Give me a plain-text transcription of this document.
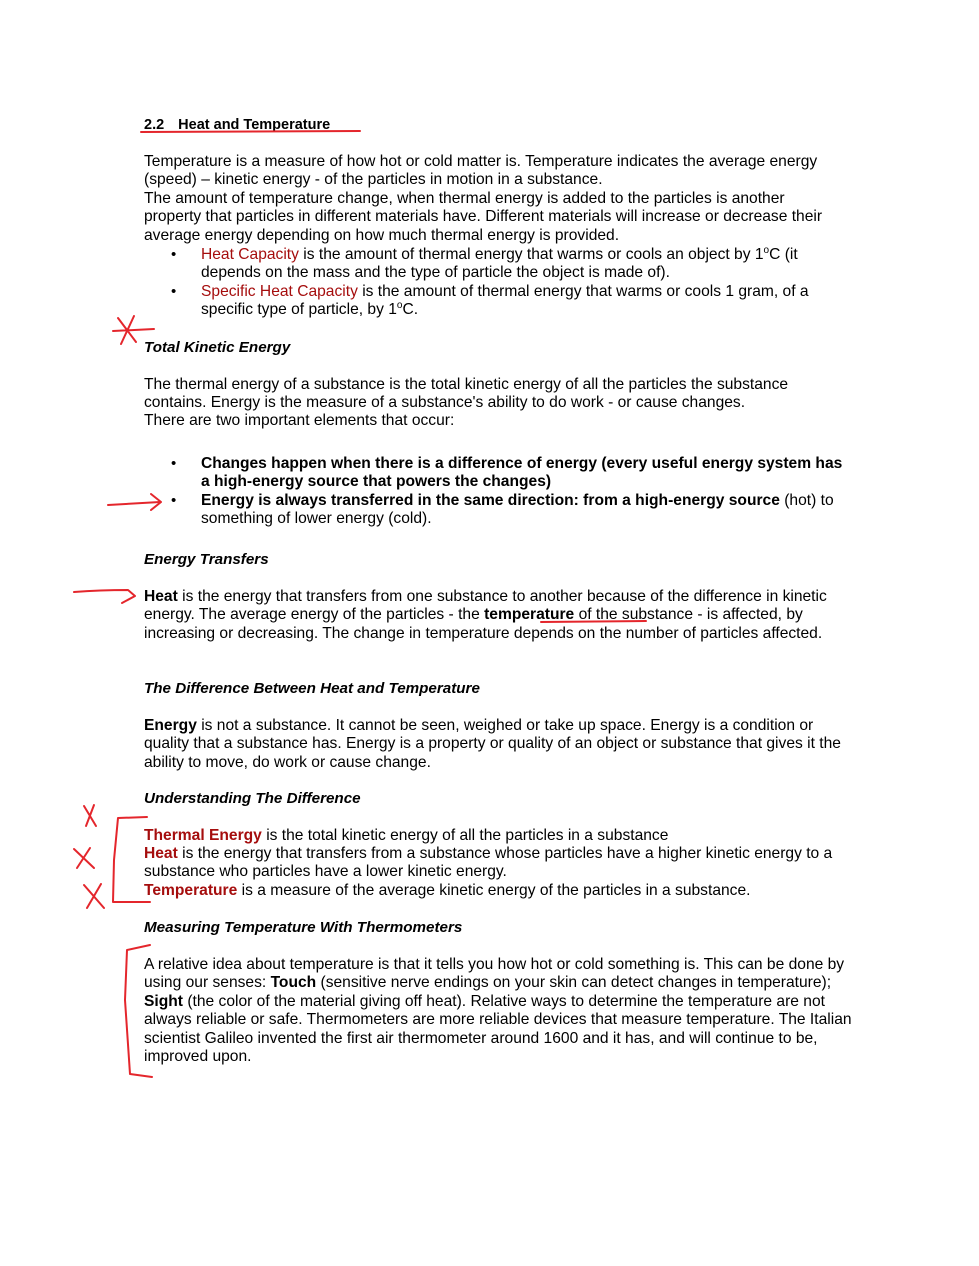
2.2 Heat and Temperature

Temperature is a measure of how hot or cold matter is. Temperature indicates the average energy (speed) – kinetic energy - of the particles in motion in a substance.

The amount of temperature change, when thermal energy is added to the particles is another property that particles in different materials have. Different materials will increase or decrease their average energy depending on how much thermal energy is provided.

• Heat Capacity is the amount of thermal energy that warms or cools an object by 1$^o$C (it depends on the mass and the type of particle the object is made of).
• Specific Heat Capacity is the amount of thermal energy that warms or cools 1 gram, of a specific type of particle, by 1$^o$C.

Total Kinetic Energy

The thermal energy of a substance is the total kinetic energy of all the particles the substance contains. Energy is the measure of a substance's ability to do work - or cause changes.

There are two important elements that occur:

• Changes happen when there is a difference of energy (every useful energy system has a high-energy source that powers the changes)
• Energy is always transferred in the same direction: from a high-energy source (hot) to something of lower energy (cold).

Energy Transfers

Heat is the energy that transfers from one substance to another because of the difference in kinetic energy. The average energy of the particles - the temperature of the substance - is affected, by increasing or decreasing. The change in temperature depends on the number of particles affected.

The Difference Between Heat and Temperature

Energy is not a substance. It cannot be seen, weighed or take up space. Energy is a condition or quality that a substance has. Energy is a property or quality of an object or substance that gives it the ability to move, do work or cause change.

Understanding The Difference

Thermal Energy is the total kinetic energy of all the particles in a substance

Heat is the energy that transfers from a substance whose particles have a higher kinetic energy to a substance who particles have a lower kinetic energy.

Temperature is a measure of the average kinetic energy of the particles in a substance.

Measuring Temperature With Thermometers

A relative idea about temperature is that it tells you how hot or cold something is. This can be done by using our senses: Touch (sensitive nerve endings on your skin can detect changes in temperature); Sight (the color of the material giving off heat). Relative ways to determine the temperature are not always reliable or safe. Thermometers are more reliable devices that measure temperature. The Italian scientist Galileo invented the first air thermometer around 1600 and it has, and will continue to be, improved upon.
